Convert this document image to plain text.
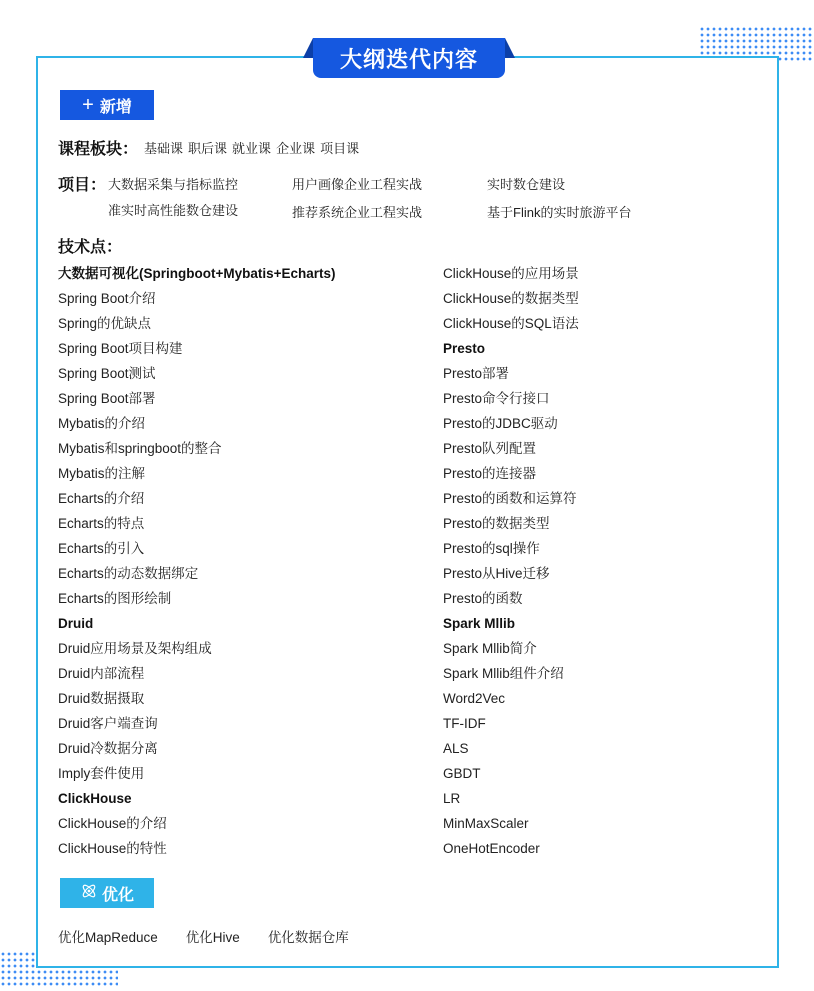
大纲迭代内容
+ 新增
课程板块： 基础课 职后课 就业课 企业课 项目课
项目： 大数据采集与指标监控	用户画像企业工程实战	实时数仓建设
准实时高性能数仓建设	推荐系统企业工程实战	基于Flink的实时旅游平台
技术点：
大数据可视化(Springboot+Mybatis+Echarts)
Spring Boot介绍
Spring的优缺点
Spring Boot项目构建
Spring Boot测试
Spring Boot部署
Mybatis的介绍
Mybatis和springboot的整合
Mybatis的注解
Echarts的介绍
Echarts的特点
Echarts的引入
Echarts的动态数据绑定
Echarts的图形绘制
Druid
Druid应用场景及架构组成
Druid内部流程
Druid数据摄取
Druid客户端查询
Druid冷数据分离
Imply套件使用
ClickHouse
ClickHouse的介绍
ClickHouse的特性
ClickHouse的应用场景
ClickHouse的数据类型
ClickHouse的SQL语法
Presto
Presto部署
Presto命令行接口
Presto的JDBC驱动
Presto队列配置
Presto的连接器
Presto的函数和运算符
Presto的数据类型
Presto的sql操作
Presto从Hive迁移
Presto的函数
Spark Mllib
Spark Mllib简介
Spark Mllib组件介绍
Word2Vec
TF-IDF
ALS
GBDT
LR
MinMaxScaler
OneHotEncoder
优化
优化MapReduce 优化Hive 优化数据仓库
